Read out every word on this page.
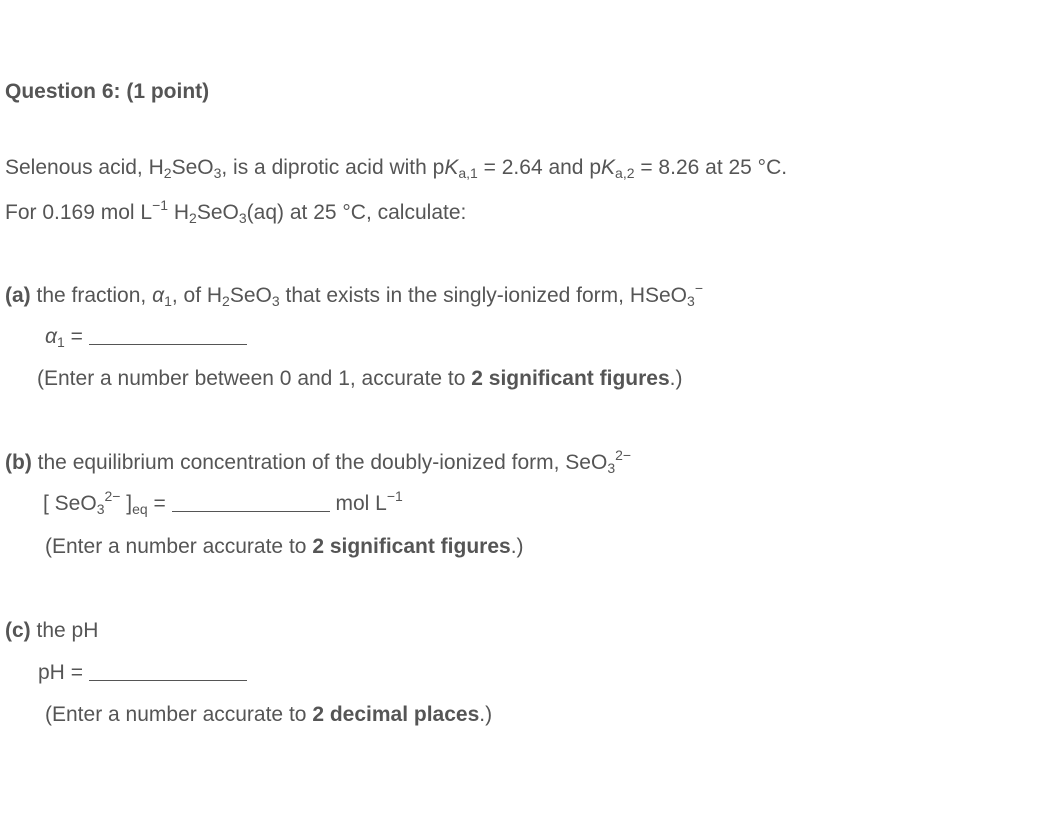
Question 6: (1 point)
Selenous acid, $H_2SeO_3$, is a diprotic acid with $pK_{a,1} = 2.64$ and $pK_{a,2} = 8.26$ at 25 °C.
For 0.169 mol $L^{-1}$ $H_2SeO_3(aq)$ at 25 °C, calculate:
(a) the fraction, $\alpha_1$, of $H_2SeO_3$ that exists in the singly-ionized form, HSeO$_3$−
$\alpha_1$ =
(Enter a number between 0 and 1, accurate to 2 significant figures.)
(b) the equilibrium concentration of the doubly-ionized form, SeO$_3^{2-}$
[ SeO$_3^{2-}$ ]$_{eq}$ =	mol $L^{-1}$
(Enter a number accurate to 2 significant figures.)
(c) the pH
pH =
(Enter a number accurate to 2 decimal places.)
